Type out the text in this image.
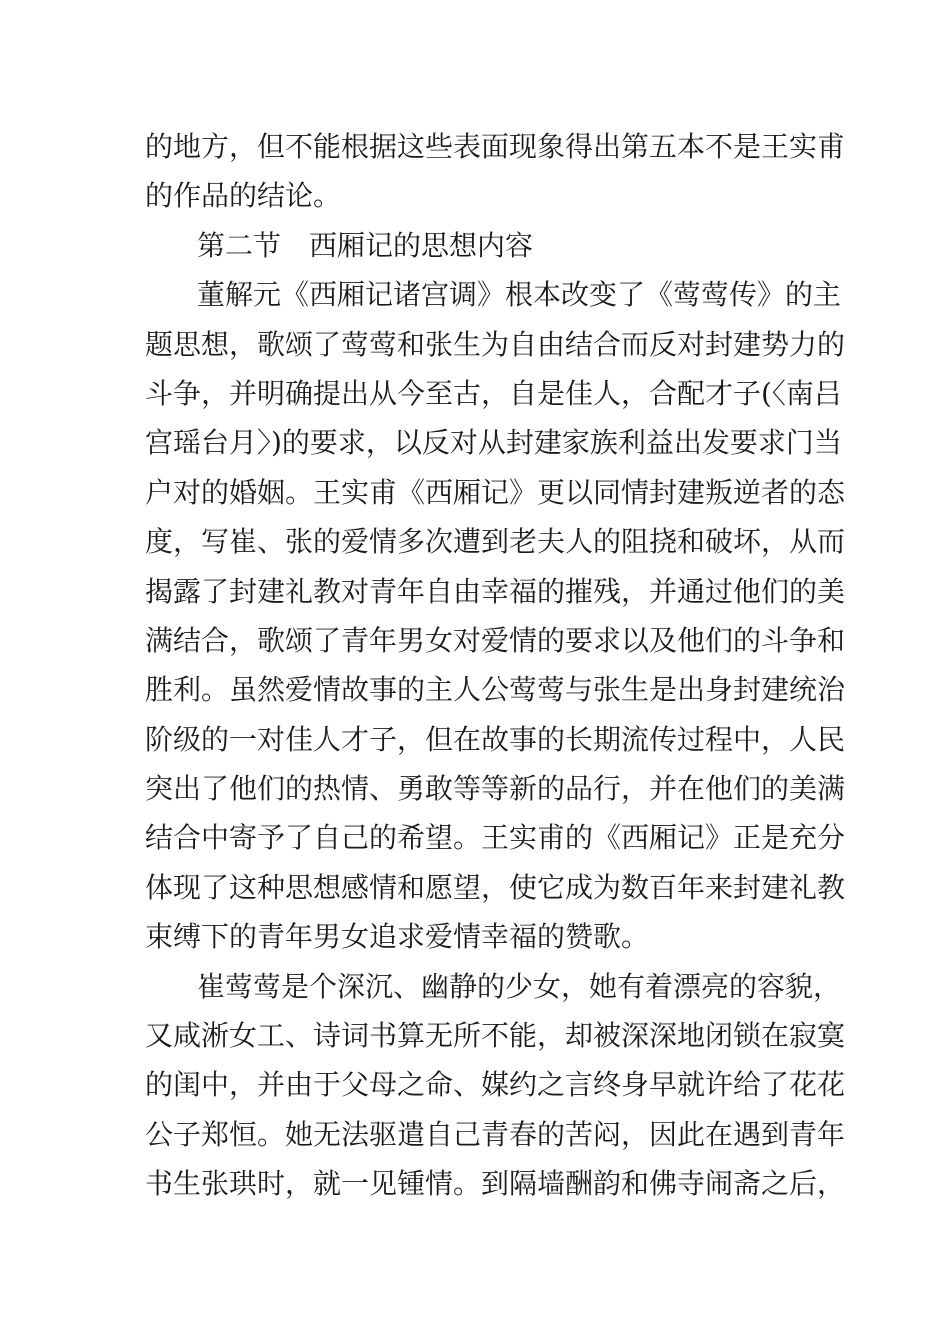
的地方，但不能根据这些表面现象得出第五本不是王实甫
的作品的结论。
第二节 西厢记的思想内容
董解元《西厢记诸宫调》根本改变了《莺莺传》的主
题思想，歌颂了莺莺和张生为自由结合而反对封建势力的
斗争，并明确提出从今至古，自是佳人，合配才子(〈南吕
宫瑶台月〉)的要求，以反对从封建家族利益出发要求门当
户对的婚姻。王实甫《西厢记》更以同情封建叛逆者的态
度，写崔、张的爱情多次遭到老夫人的阻挠和破坏，从而
揭露了封建礼教对青年自由幸福的摧残，并通过他们的美
满结合，歌颂了青年男女对爱情的要求以及他们的斗争和
胜利。虽然爱情故事的主人公莺莺与张生是出身封建统治
阶级的一对佳人才子，但在故事的长期流传过程中，人民
突出了他们的热情、勇敢等等新的品行，并在他们的美满
结合中寄予了自己的希望。王实甫的《西厢记》正是充分
体现了这种思想感情和愿望，使它成为数百年来封建礼教
束缚下的青年男女追求爱情幸福的赞歌。
崔莺莺是个深沉、幽静的少女，她有着漂亮的容貌，
又咸淅女工、诗词书算无所不能，却被深深地闭锁在寂寞
的闺中，并由于父母之命、媒约之言终身早就许给了花花
公子郑恒。她无法驱遣自己青春的苦闷，因此在遇到青年
书生张珙时，就一见锺情。到隔墙酬韵和佛寺闹斋之后，
